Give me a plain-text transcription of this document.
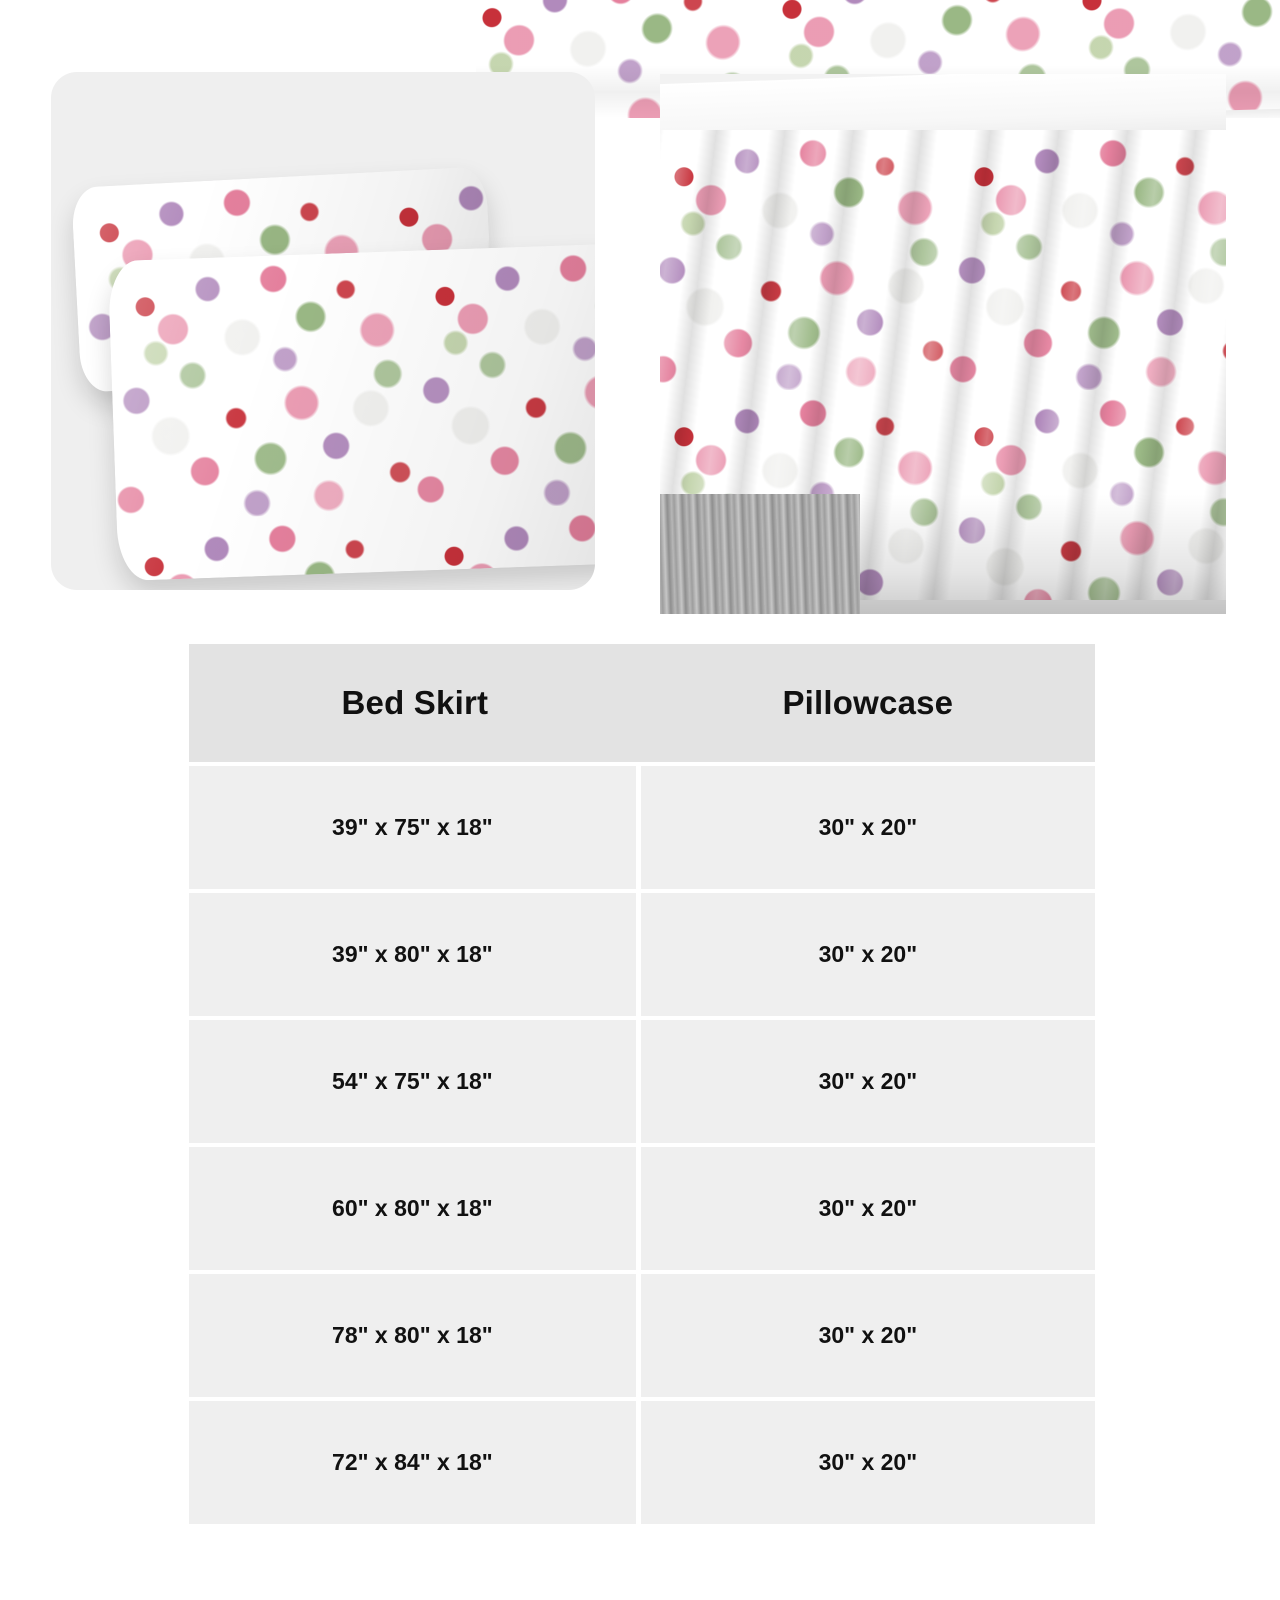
Bed Skirt	Pillowcase
39" x 75" x 18"	30" x 20"
39" x 80" x 18"	30" x 20"
54" x 75" x 18"	30" x 20"
60" x 80" x 18"	30" x 20"
78" x 80" x 18"	30" x 20"
72" x 84" x 18"	30" x 20"
